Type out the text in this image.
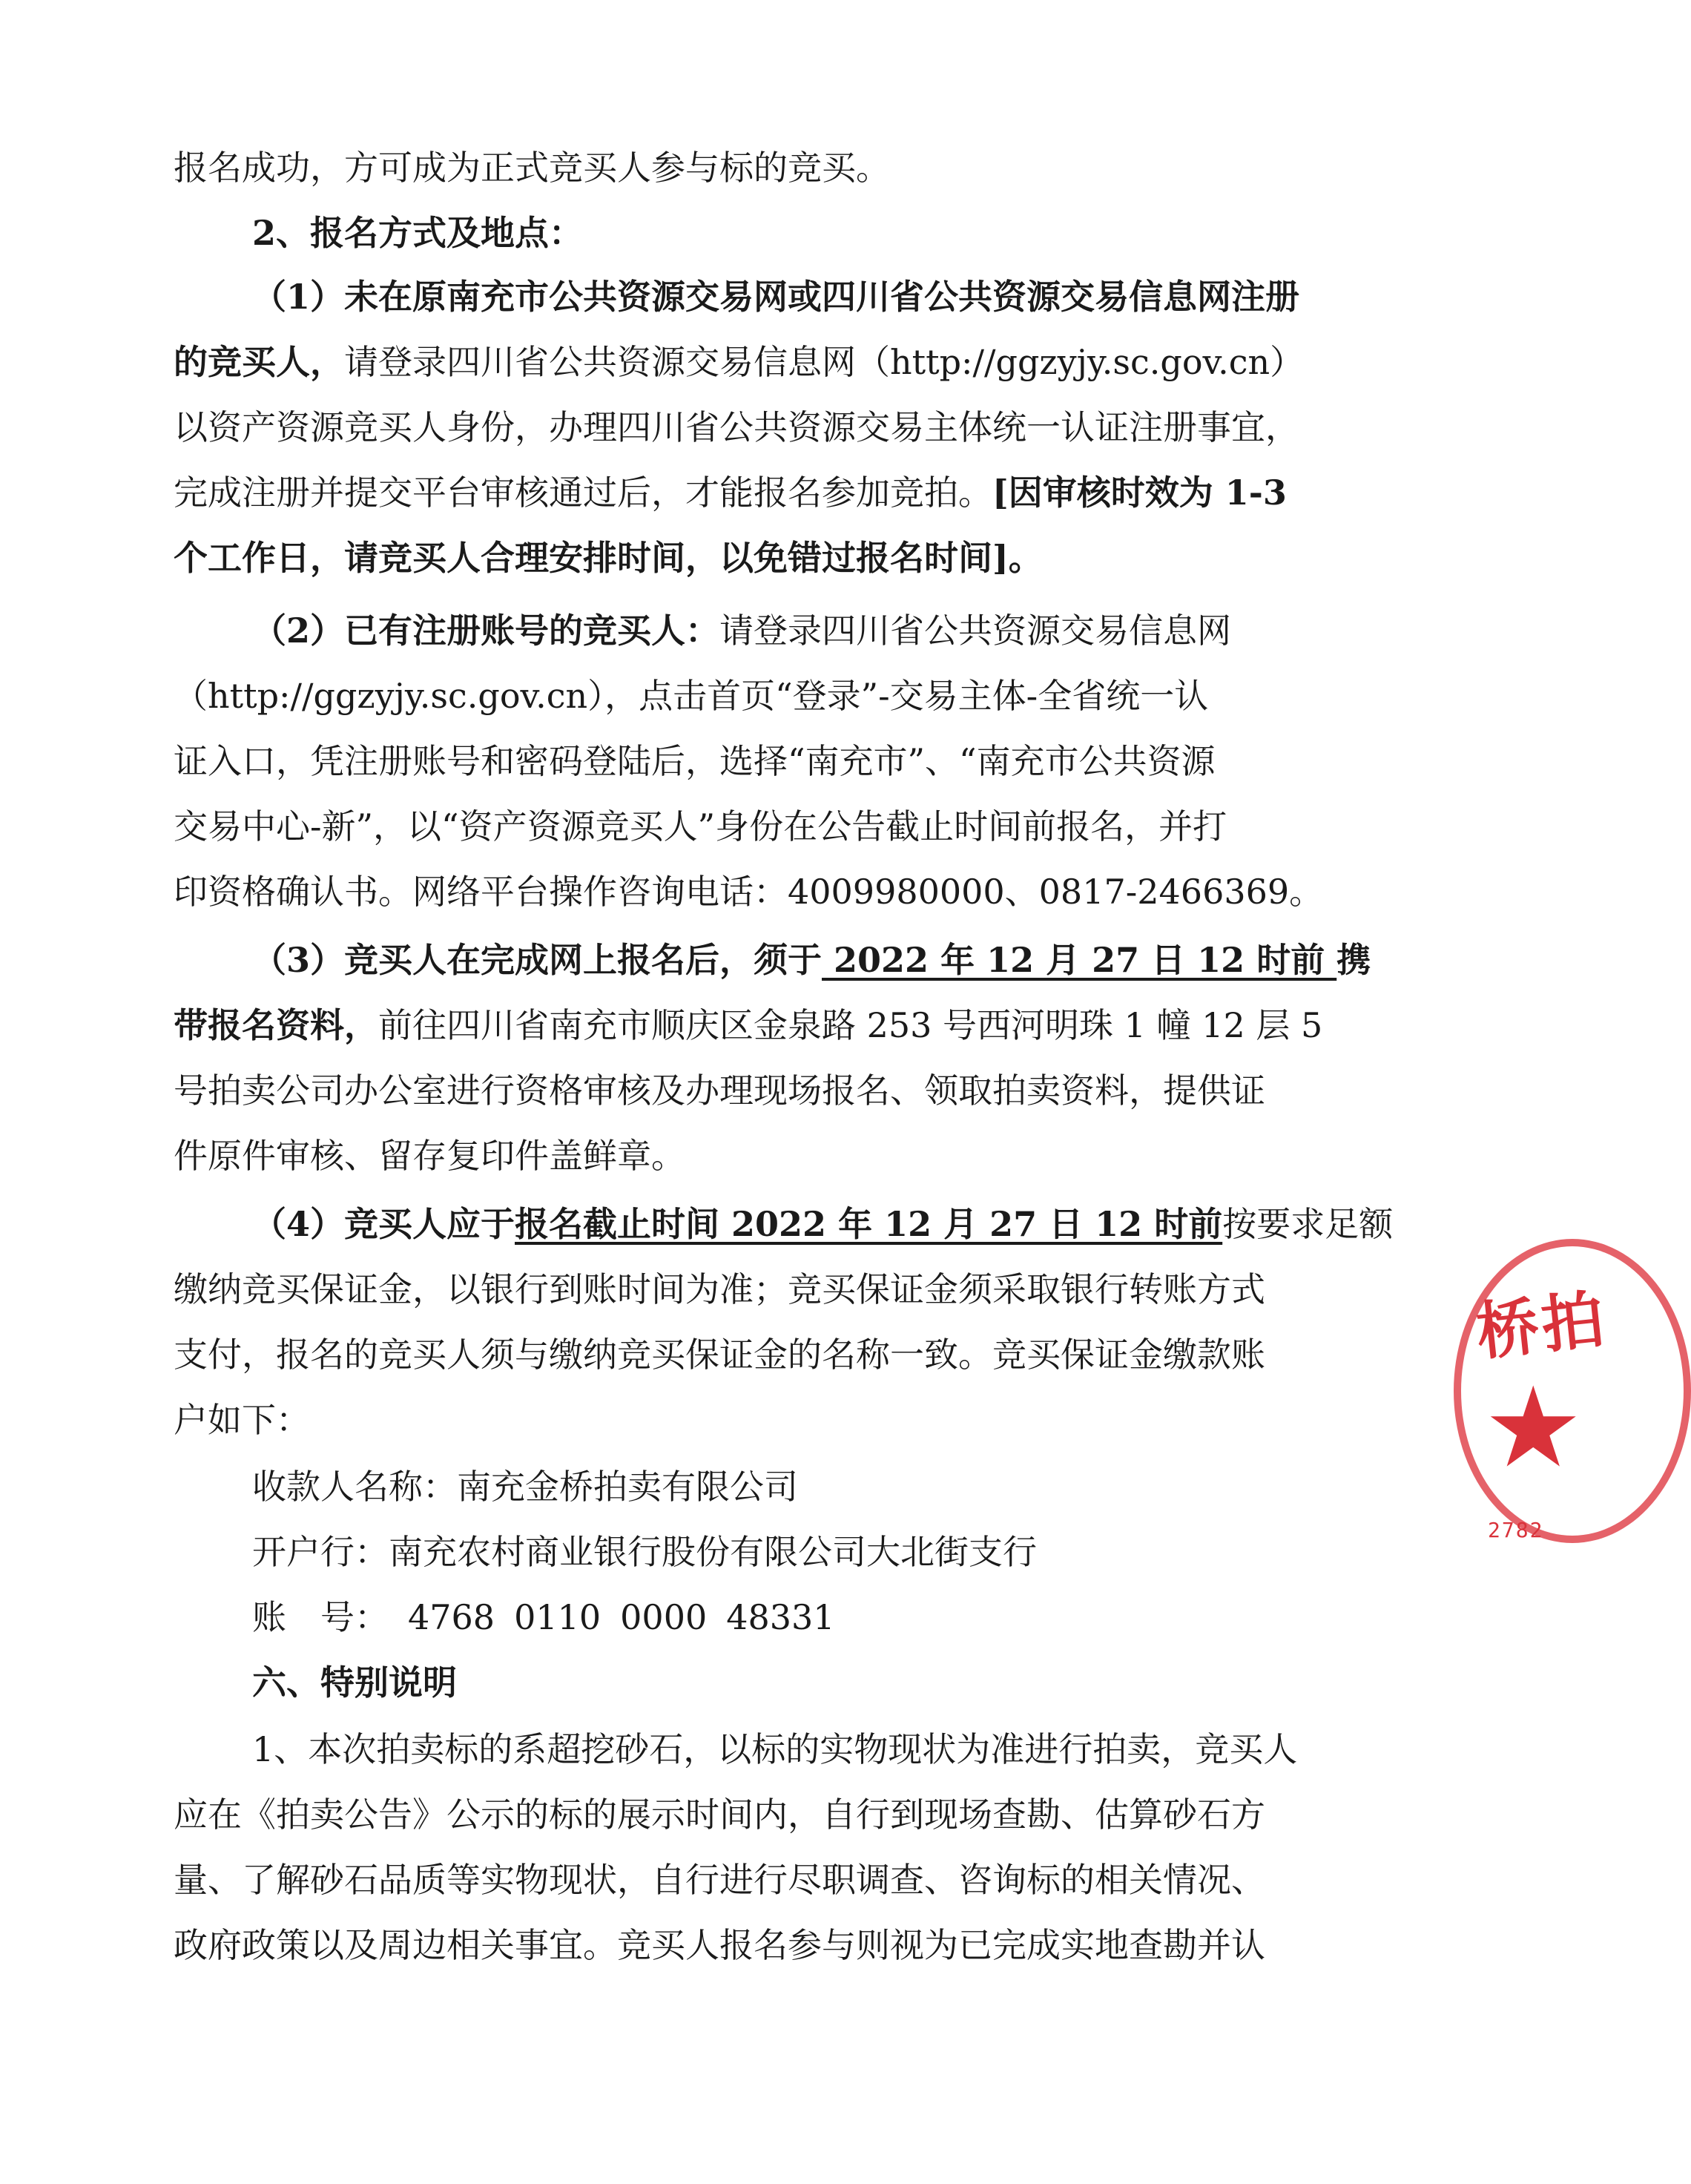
报名成功，方可成为正式竞买人参与标的竞买。
2、报名方式及地点：
（1）未在原南充市公共资源交易网或四川省公共资源交易信息网注册
的竞买人，请登录四川省公共资源交易信息网（http://ggzyjy.sc.gov.cn）
以资产资源竞买人身份，办理四川省公共资源交易主体统一认证注册事宜，
完成注册并提交平台审核通过后，才能报名参加竞拍。[因审核时效为 1-3
个工作日，请竞买人合理安排时间，以免错过报名时间]。
（2）已有注册账号的竞买人：请登录四川省公共资源交易信息网
（http://ggzyjy.sc.gov.cn），点击首页“登录”-交易主体-全省统一认
证入口，凭注册账号和密码登陆后，选择“南充市”、“南充市公共资源
交易中心-新”，以“资产资源竞买人”身份在公告截止时间前报名，并打
印资格确认书。网络平台操作咨询电话：4009980000、0817-2466369。
（3）竞买人在完成网上报名后，须于 2022 年 12 月 27 日 12 时前 携
带报名资料，前往四川省南充市顺庆区金泉路 253 号西河明珠 1 幢 12 层 5
号拍卖公司办公室进行资格审核及办理现场报名、领取拍卖资料，提供证
件原件审核、留存复印件盖鲜章。
（4）竞买人应于报名截止时间 2022 年 12 月 27 日 12 时前按要求足额
缴纳竞买保证金，以银行到账时间为准；竞买保证金须采取银行转账方式
支付，报名的竞买人须与缴纳竞买保证金的名称一致。竞买保证金缴款账
户如下：
收款人名称：南充金桥拍卖有限公司
开户行：南充农村商业银行股份有限公司大北街支行
账　号： 4768 0110 0000 48331
六、特别说明
1、本次拍卖标的系超挖砂石，以标的实物现状为准进行拍卖，竞买人
应在《拍卖公告》公示的标的展示时间内，自行到现场查勘、估算砂石方
量、了解砂石品质等实物现状，自行进行尽职调查、咨询标的相关情况、
政府政策以及周边相关事宜。竞买人报名参与则视为已完成实地查勘并认
桥拍
★
2782
